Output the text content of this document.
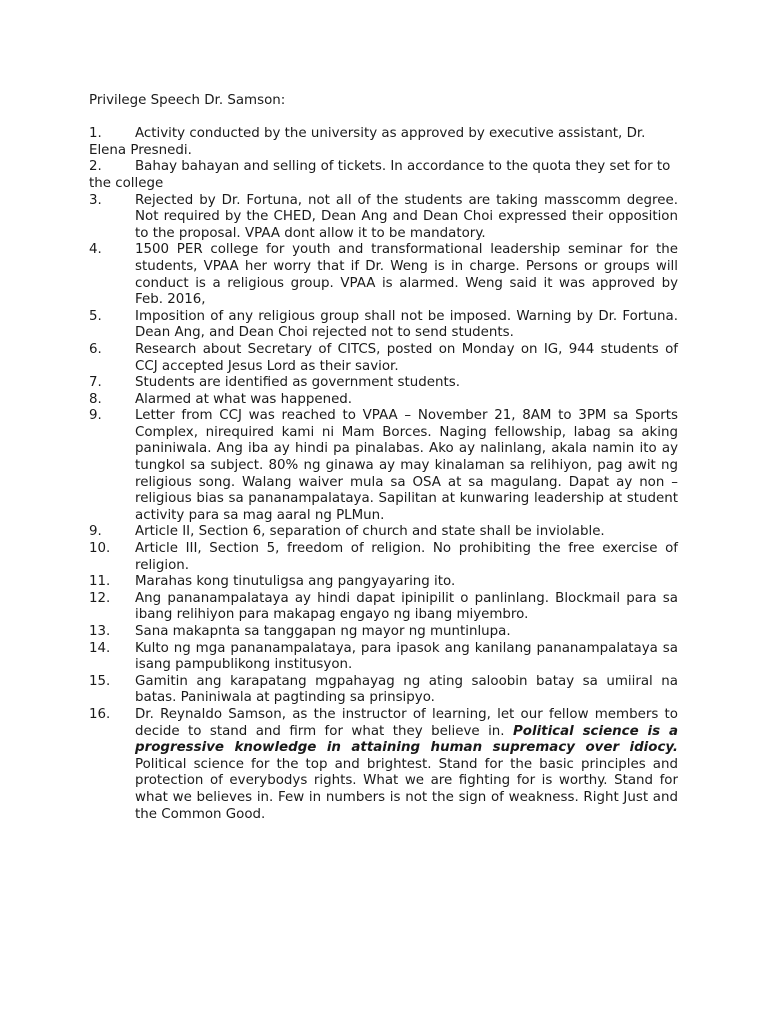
Privilege Speech Dr. Samson:

1. Activity conducted by the university as approved by executive assistant, Dr. Elena Presnedi.
2. Bahay bahayan and selling of tickets. In accordance to the quota they set for to the college
3. Rejected by Dr. Fortuna, not all of the students are taking masscomm degree. Not required by the CHED, Dean Ang and Dean Choi expressed their opposition to the proposal. VPAA dont allow it to be mandatory.
4. 1500 PER college for youth and transformational leadership seminar for the students, VPAA her worry that if Dr. Weng is in charge. Persons or groups will conduct is a religious group. VPAA is alarmed. Weng said it was approved by Feb. 2016,
5. Imposition of any religious group shall not be imposed. Warning by Dr. Fortuna. Dean Ang, and Dean Choi rejected not to send students.
6. Research about Secretary of CITCS, posted on Monday on IG, 944 students of CCJ accepted Jesus Lord as their savior.
7. Students are identified as government students.
8. Alarmed at what was happened.
9. Letter from CCJ was reached to VPAA – November 21, 8AM to 3PM sa Sports Complex, nirequired kami ni Mam Borces. Naging fellowship, labag sa aking paniniwala. Ang iba ay hindi pa pinalabas. Ako ay nalinlang, akala namin ito ay tungkol sa subject. 80% ng ginawa ay may kinalaman sa relihiyon, pag awit ng religious song. Walang waiver mula sa OSA at sa magulang. Dapat ay non – religious bias sa pananampalataya. Sapilitan at kunwaring leadership at student activity para sa mag aaral ng PLMun.
9. Article II, Section 6, separation of church and state shall be inviolable.
10. Article III, Section 5, freedom of religion. No prohibiting the free exercise of religion.
11. Marahas kong tinutuligsa ang pangyayaring ito.
12. Ang pananampalataya ay hindi dapat ipinipilit o panlinlang. Blockmail para sa ibang relihiyon para makapag engayo ng ibang miyembro.
13. Sana makapnta sa tanggapan ng mayor ng muntinlupa.
14. Kulto ng mga pananampalataya, para ipasok ang kanilang pananampalataya sa isang pampublikong institusyon.
15. Gamitin ang karapatang mgpahayag ng ating saloobin batay sa umiiral na batas. Paniniwala at pagtinding sa prinsipyo.
16. Dr. Reynaldo Samson, as the instructor of learning, let our fellow members to decide to stand and firm for what they believe in. Political science is a progressive knowledge in attaining human supremacy over idiocy. Political science for the top and brightest. Stand for the basic principles and protection of everybodys rights. What we are fighting for is worthy. Stand for what we believes in. Few in numbers is not the sign of weakness. Right Just and the Common Good.
